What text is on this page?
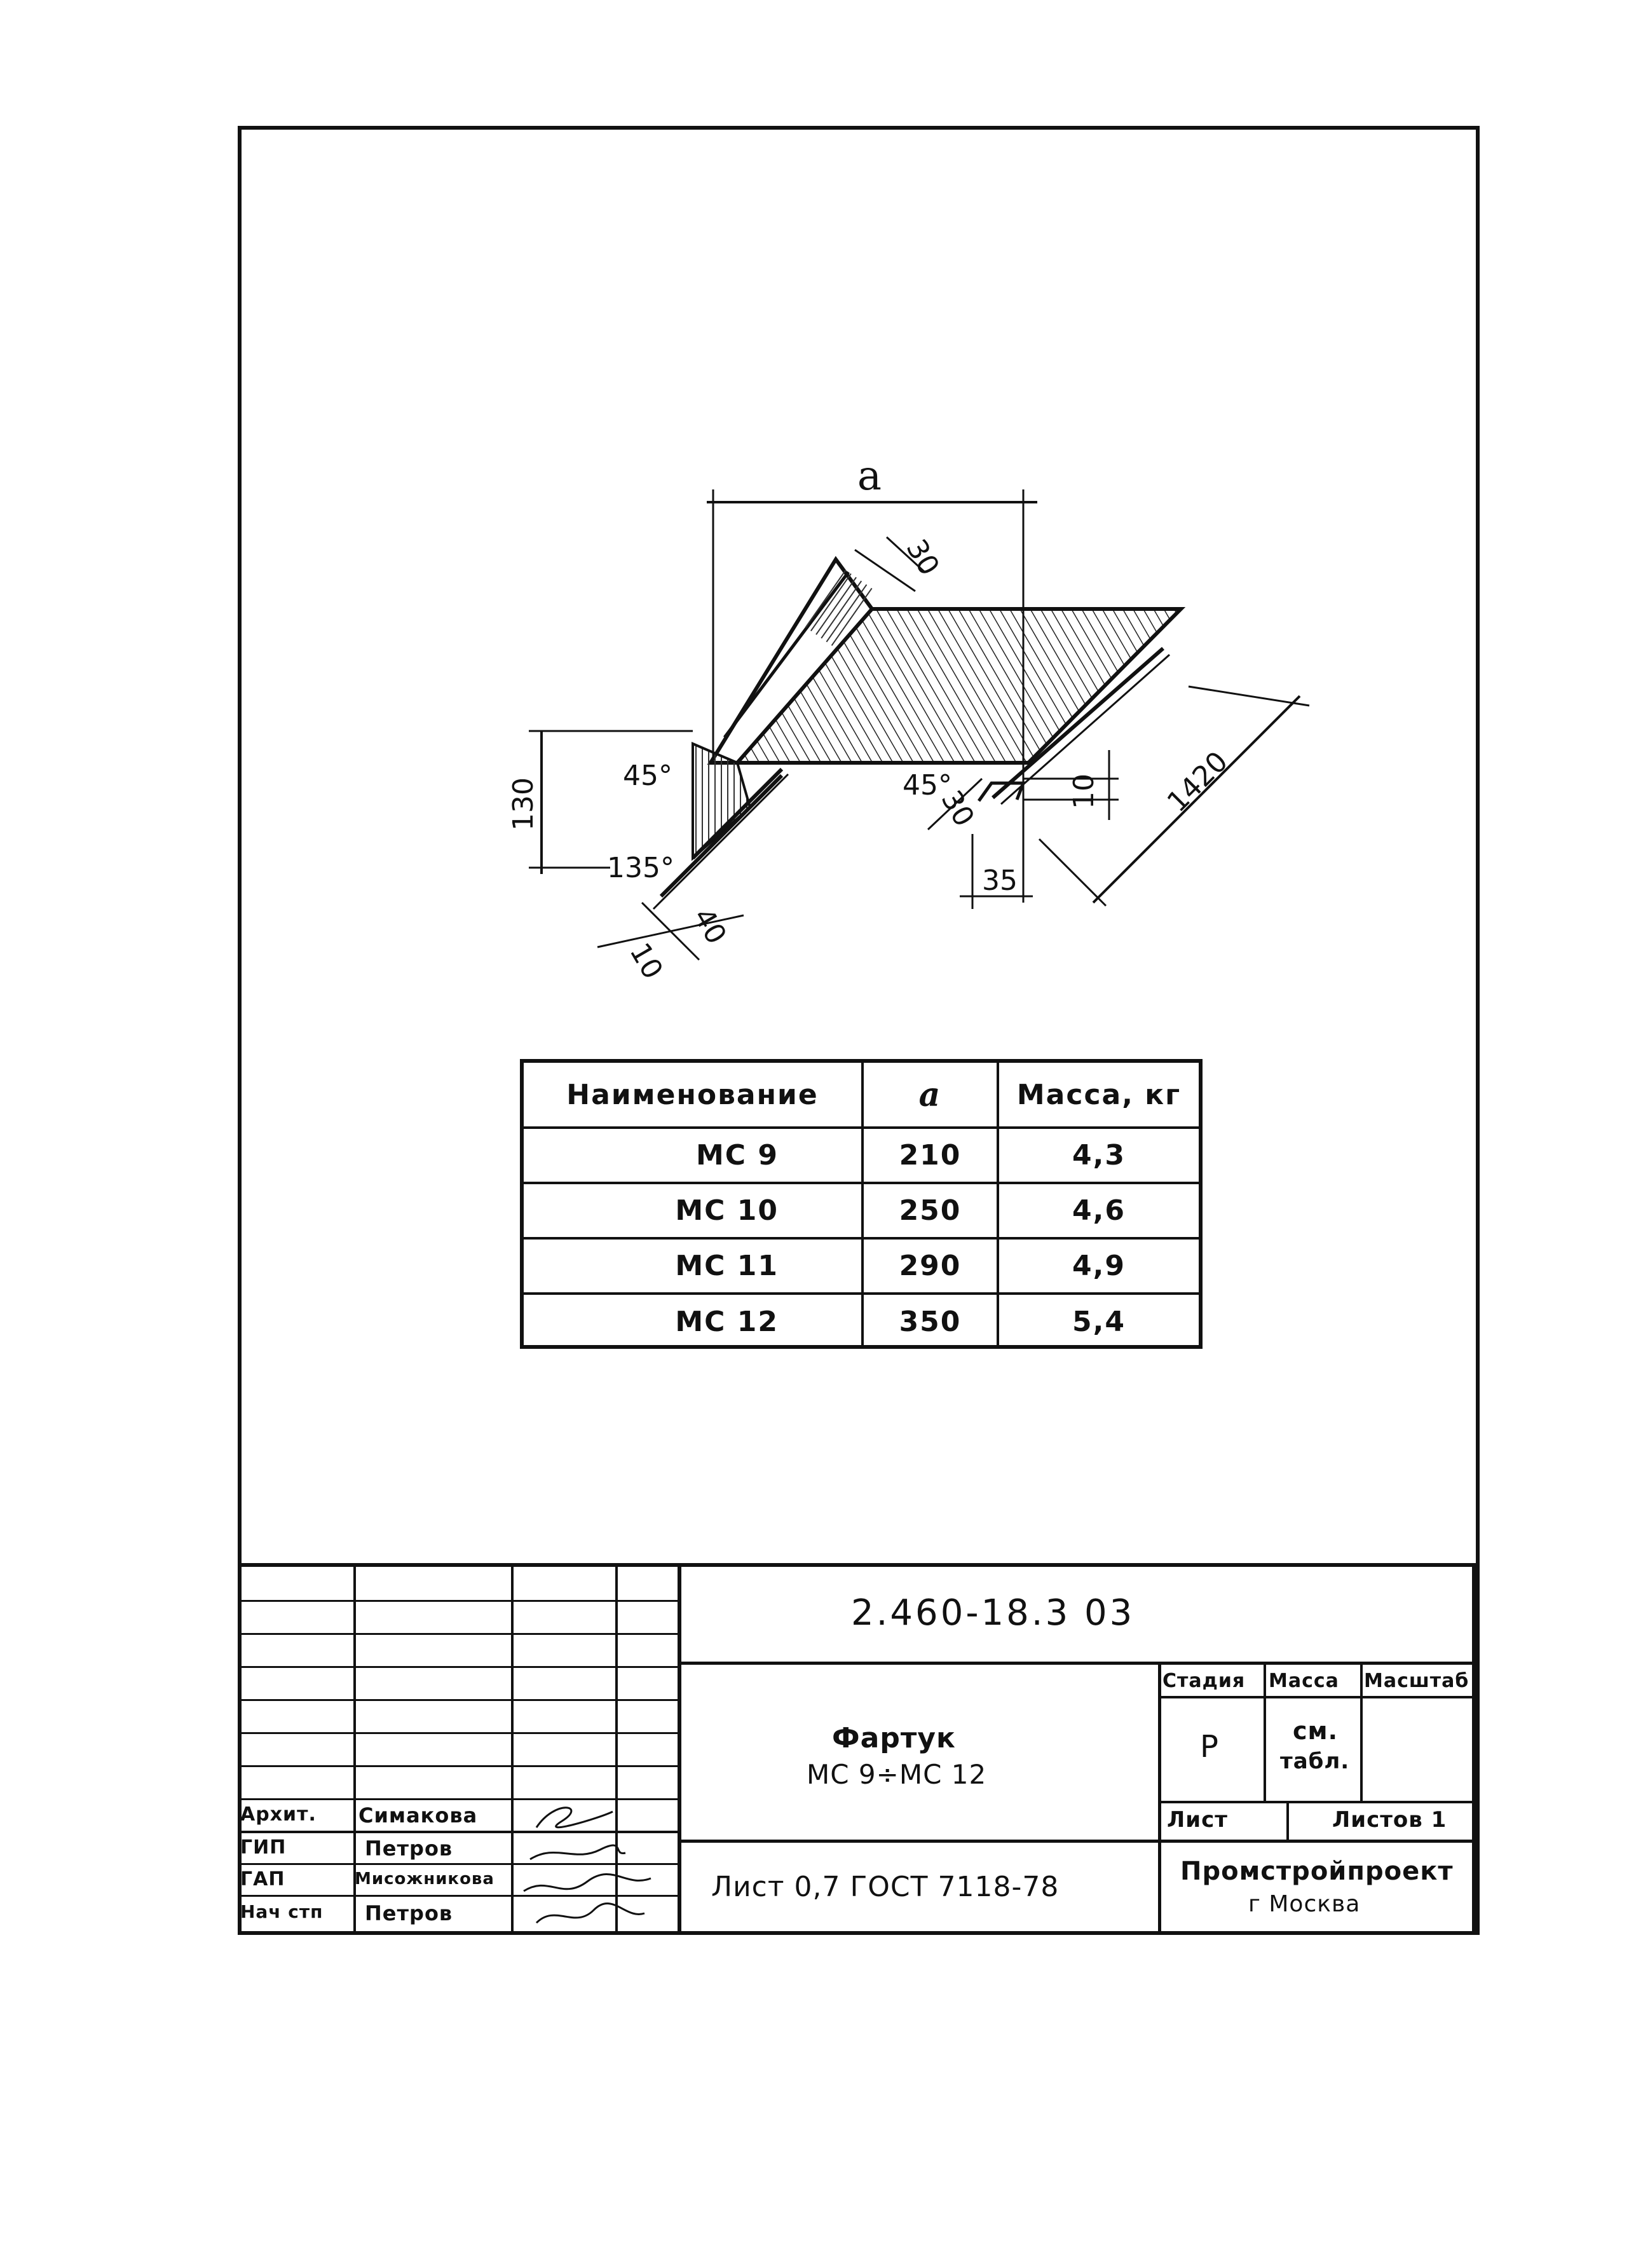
a
30
130
45°
135°
10
40
45°
30	10
35
1420
Наименование	a	Масса, кг
МС 9	210	4,3
МС 10	250	4,6
МС 11	290	4,9
МС 12	350	5,4
2.460-18.3 03
Фартук
МС 9÷МС 12
Лист 0,7 ГОСТ 7118-78
Стадия Масса Масштаб
Р	см.
табл.
Лист	Листов 1
Промстройпроект
г Москва
Архит. Симакова
ГИП	Петров
ГАП	Мисожникова
Нач стп Петров
